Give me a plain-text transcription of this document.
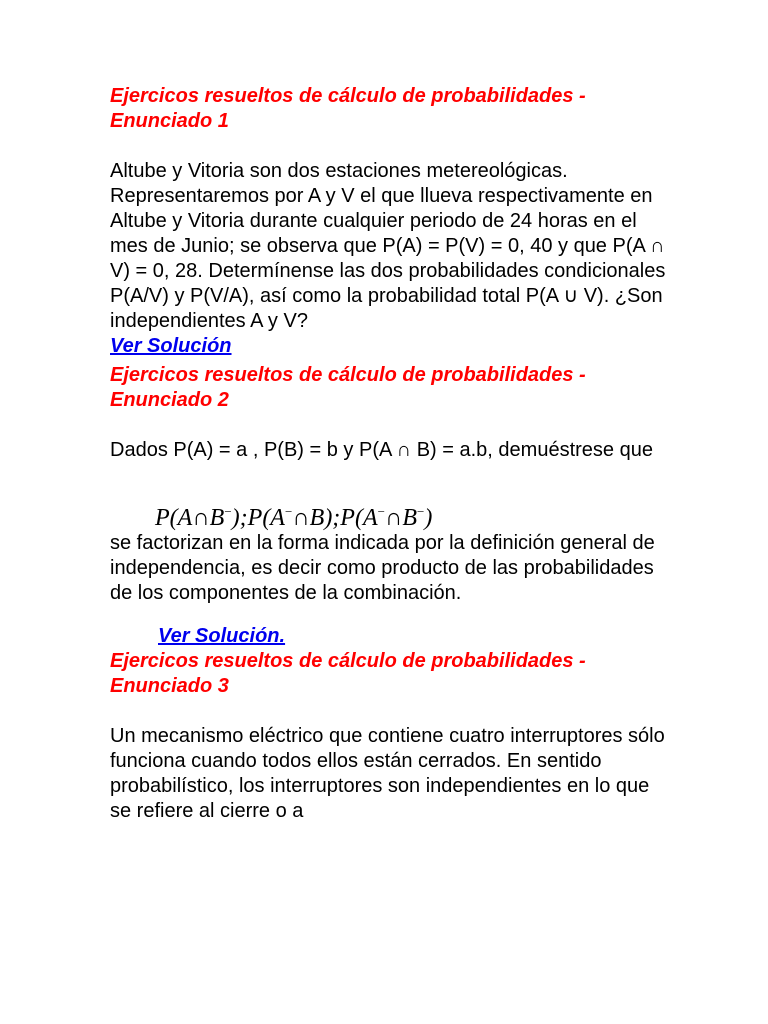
Ejercicos resueltos de cálculo de probabilidades - Enunciado 1

Altube y Vitoria son dos estaciones metereológicas. Representaremos por A y V el que llueva respectivamente en Altube y Vitoria durante cualquier periodo de 24 horas en el mes de Junio; se observa que P(A) = P(V) = 0, 40 y que P(A ∩ V) = 0, 28. Determínense las dos probabilidades condicionales P(A/V) y P(V/A), así como la probabilidad total P(A ∪ V). ¿Son independientes A y V?

Ver Solución

Ejercicos resueltos de cálculo de probabilidades - Enunciado 2

Dados P(A) = a , P(B) = b y P(A ∩ B) = a.b, demuéstrese que

P(A∩B−);P(A−∩B);P(A−∩B−)

se factorizan en la forma indicada por la definición general de independencia, es decir como producto de las probabilidades de los componentes de la combinación.

Ver Solución.

Ejercicos resueltos de cálculo de probabilidades - Enunciado 3

Un mecanismo eléctrico que contiene cuatro interruptores sólo funciona cuando todos ellos están cerrados. En sentido probabilístico, los interruptores son independientes en lo que se refiere al cierre o a
